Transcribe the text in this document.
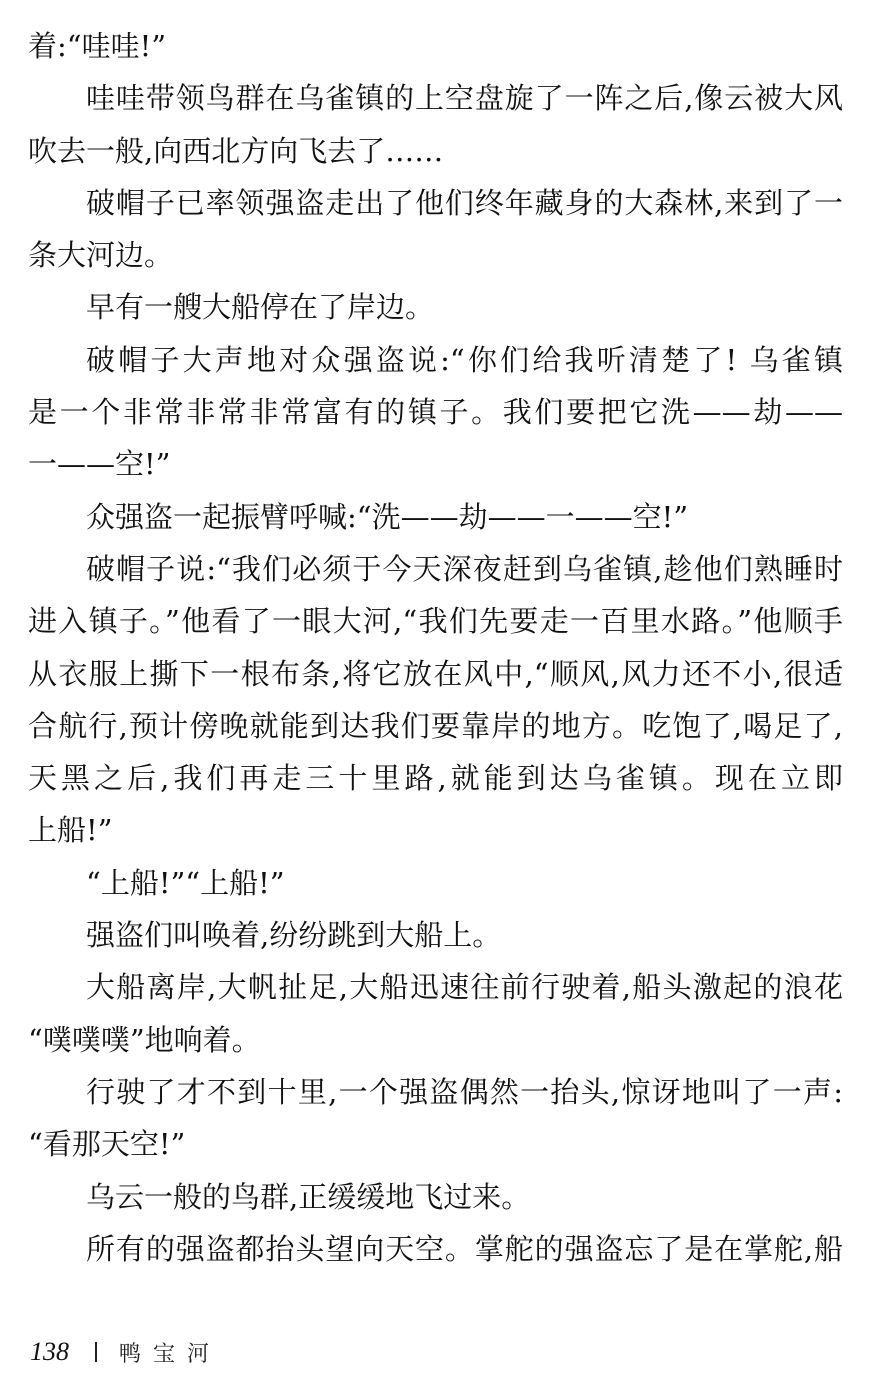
着:“哇哇!”
哇哇带领鸟群在乌雀镇的上空盘旋了一阵之后,像云被大风
吹去一般,向西北方向飞去了……
破帽子已率领强盗走出了他们终年藏身的大森林,来到了一
条大河边。
早有一艘大船停在了岸边。
破帽子大声地对众强盗说:“你们给我听清楚了! 乌雀镇
是一个非常非常非常富有的镇子。我们要把它洗——劫——
一——空!”
众强盗一起振臂呼喊:“洗——劫——一——空!”
破帽子说:“我们必须于今天深夜赶到乌雀镇,趁他们熟睡时
进入镇子。”他看了一眼大河,“我们先要走一百里水路。”他顺手
从衣服上撕下一根布条,将它放在风中,“顺风,风力还不小,很适
合航行,预计傍晚就能到达我们要靠岸的地方。吃饱了,喝足了,
天黑之后,我们再走三十里路,就能到达乌雀镇。现在立即
上船!”
“上船!”“上船!”
强盗们叫唤着,纷纷跳到大船上。
大船离岸,大帆扯足,大船迅速往前行驶着,船头激起的浪花
“噗噗噗”地响着。
行驶了才不到十里,一个强盗偶然一抬头,惊讶地叫了一声:
“看那天空!”
乌云一般的鸟群,正缓缓地飞过来。
所有的强盗都抬头望向天空。掌舵的强盗忘了是在掌舵,船
138 鸭宝河
